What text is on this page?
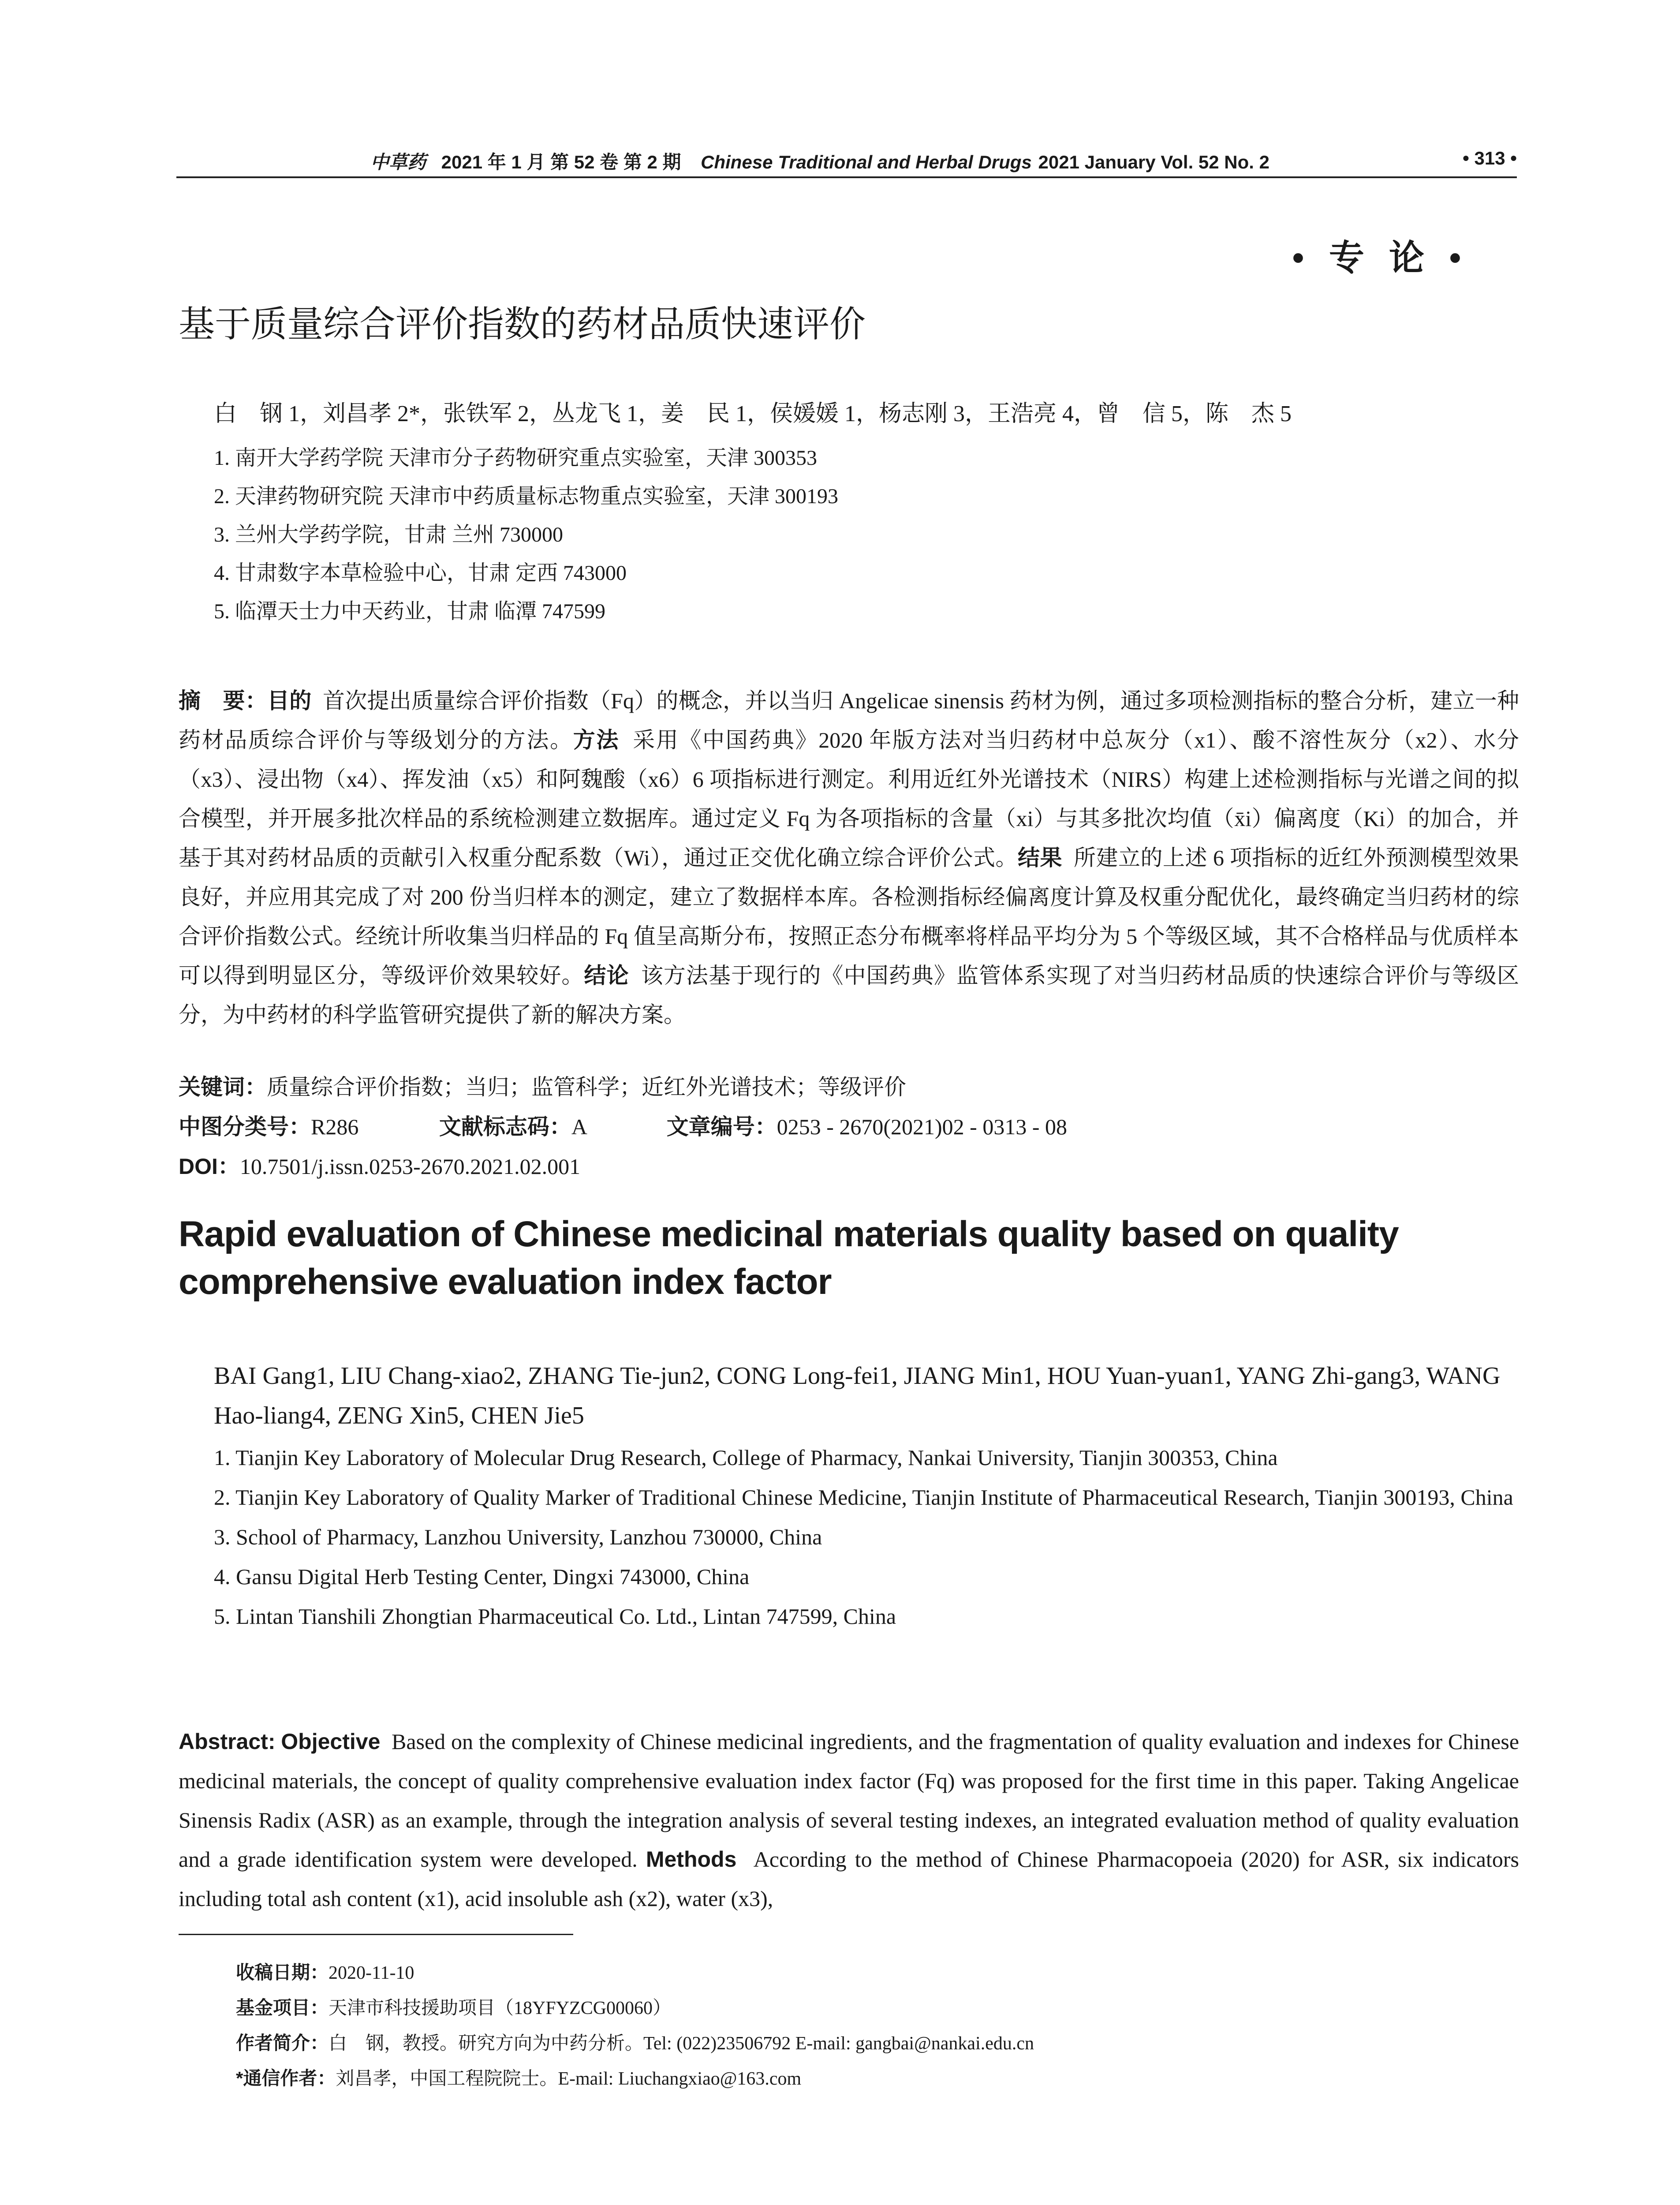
中草药 2021 年 1 月 第 52 卷 第 2 期 Chinese Traditional and Herbal Drugs 2021 January Vol. 52 No. 2	• 313 •
• 专 论 •
基于质量综合评价指数的药材品质快速评价
白　钢 1，刘昌孝 2*，张铁军 2，丛龙飞 1，姜　民 1，侯媛媛 1，杨志刚 3，王浩亮 4，曾　信 5，陈　杰 5
1. 南开大学药学院 天津市分子药物研究重点实验室，天津 300353
2. 天津药物研究院 天津市中药质量标志物重点实验室，天津 300193
3. 兰州大学药学院，甘肃 兰州 730000
4. 甘肃数字本草检验中心，甘肃 定西 743000
5. 临潭天士力中天药业，甘肃 临潭 747599
摘　要：目的 首次提出质量综合评价指数（Fq）的概念，并以当归 Angelicae sinensis 药材为例，通过多项检测指标的整合分析，建立一种药材品质综合评价与等级划分的方法。方法 采用《中国药典》2020 年版方法对当归药材中总灰分（x1）、酸不溶性灰分（x2）、水分（x3）、浸出物（x4）、挥发油（x5）和阿魏酸（x6）6 项指标进行测定。利用近红外光谱技术（NIRS）构建上述检测指标与光谱之间的拟合模型，并开展多批次样品的系统检测建立数据库。通过定义 Fq 为各项指标的含量（xi）与其多批次均值（x̄i）偏离度（Ki）的加合，并基于其对药材品质的贡献引入权重分配系数（Wi），通过正交优化确立综合评价公式。结果 所建立的上述 6 项指标的近红外预测模型效果良好，并应用其完成了对 200 份当归样本的测定，建立了数据样本库。各检测指标经偏离度计算及权重分配优化，最终确定当归药材的综合评价指数公式。经统计所收集当归样品的 Fq 值呈高斯分布，按照正态分布概率将样品平均分为 5 个等级区域，其不合格样品与优质样本可以得到明显区分，等级评价效果较好。结论 该方法基于现行的《中国药典》监管体系实现了对当归药材品质的快速综合评价与等级区分，为中药材的科学监管研究提供了新的解决方案。
关键词：质量综合评价指数；当归；监管科学；近红外光谱技术；等级评价
中图分类号：R286	文献标志码：A	文章编号：0253 - 2670(2021)02 - 0313 - 08
DOI：10.7501/j.issn.0253-2670.2021.02.001
Rapid evaluation of Chinese medicinal materials quality based on quality comprehensive evaluation index factor
BAI Gang1, LIU Chang-xiao2, ZHANG Tie-jun2, CONG Long-fei1, JIANG Min1, HOU Yuan-yuan1, YANG Zhi-gang3, WANG Hao-liang4, ZENG Xin5, CHEN Jie5
1. Tianjin Key Laboratory of Molecular Drug Research, College of Pharmacy, Nankai University, Tianjin 300353, China
2. Tianjin Key Laboratory of Quality Marker of Traditional Chinese Medicine, Tianjin Institute of Pharmaceutical Research, Tianjin 300193, China
3. School of Pharmacy, Lanzhou University, Lanzhou 730000, China
4. Gansu Digital Herb Testing Center, Dingxi 743000, China
5. Lintan Tianshili Zhongtian Pharmaceutical Co. Ltd., Lintan 747599, China
Abstract: Objective Based on the complexity of Chinese medicinal ingredients, and the fragmentation of quality evaluation and indexes for Chinese medicinal materials, the concept of quality comprehensive evaluation index factor (Fq) was proposed for the first time in this paper. Taking Angelicae Sinensis Radix (ASR) as an example, through the integration analysis of several testing indexes, an integrated evaluation method of quality evaluation and a grade identification system were developed. Methods According to the method of Chinese Pharmacopoeia (2020) for ASR, six indicators including total ash content (x1), acid insoluble ash (x2), water (x3),
收稿日期：2020-11-10
基金项目：天津市科技援助项目（18YFYZCG00060）
作者简介：白　钢，教授。研究方向为中药分析。Tel: (022)23506792 E-mail: gangbai@nankai.edu.cn
*通信作者：刘昌孝，中国工程院院士。E-mail: Liuchangxiao@163.com
